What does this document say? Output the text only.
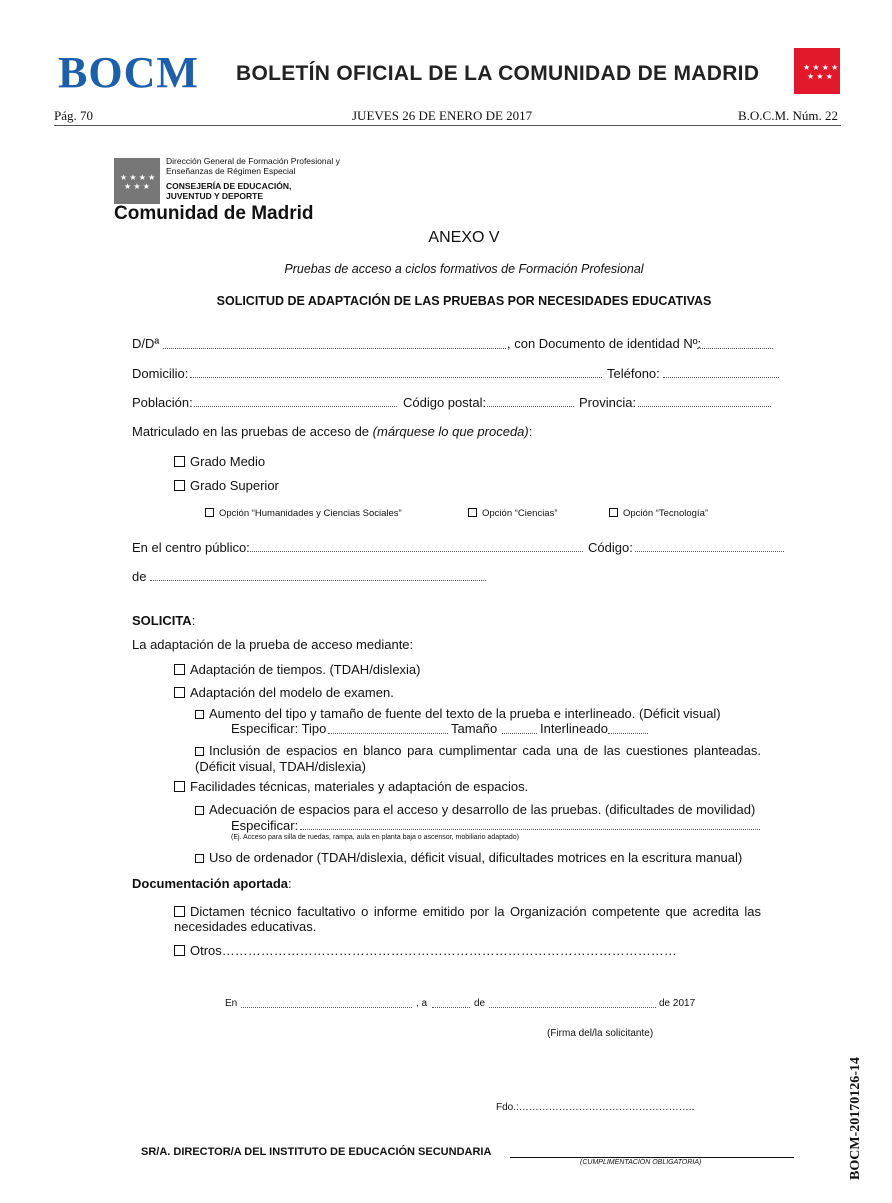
BOCM BOLETÍN OFICIAL DE LA COMUNIDAD DE MADRID	★ ★ ★ ★
★ ★ ★
Pág. 70	JUEVES 26 DE ENERO DE 2017	B.O.C.M. Núm. 22
★ ★ ★ ★
★ ★ ★
Dirección General de Formación Profesional y
Enseñanzas de Régimen Especial
CONSEJERÍA DE EDUCACIÓN,
JUVENTUD Y DEPORTE
Comunidad de Madrid
ANEXO V
Pruebas de acceso a ciclos formativos de Formación Profesional
SOLICITUD DE ADAPTACIÓN DE LAS PRUEBAS POR NECESIDADES EDUCATIVAS
D/Dª	, con Documento de identidad Nº:
Domicilio:	Teléfono:
Población:	Código postal:	Provincia:
Matriculado en las pruebas de acceso de (márquese lo que proceda):
Grado Medio
Grado Superior
Opción “Humanidades y Ciencias Sociales”	Opción “Ciencias”	Opción “Tecnología”
En el centro público:	Código:
de
SOLICITA:
La adaptación de la prueba de acceso mediante:
Adaptación de tiempos. (TDAH/dislexia)
Adaptación del modelo de examen.
Aumento del tipo y tamaño de fuente del texto de la prueba e interlineado. (Déficit visual)
Especificar: Tipo	Tamaño	Interlineado
Inclusión de espacios en blanco para cumplimentar cada una de las cuestiones planteadas. (Déficit visual, TDAH/dislexia)
Facilidades técnicas, materiales y adaptación de espacios.
Adecuación de espacios para el acceso y desarrollo de las pruebas. (dificultades de movilidad)
Especificar:
(Ej. Acceso para silla de ruedas, rampa, aula en planta baja o ascensor, mobiliario adaptado)
Uso de ordenador (TDAH/dislexia, déficit visual, dificultades motrices en la escritura manual)
Documentación aportada:
Dictamen técnico facultativo o informe emitido por la Organización competente que acredita las necesidades educativas.
Otros……………………………………………………………………………………………
En	, a	de	de 2017
(Firma del/la solicitante)
Fdo.:……………………………………………..
SR/A. DIRECTOR/A DEL INSTITUTO DE EDUCACIÓN SECUNDARIA
(CUMPLIMENTACIÓN OBLIGATORIA)	BOCM-20170126-14
